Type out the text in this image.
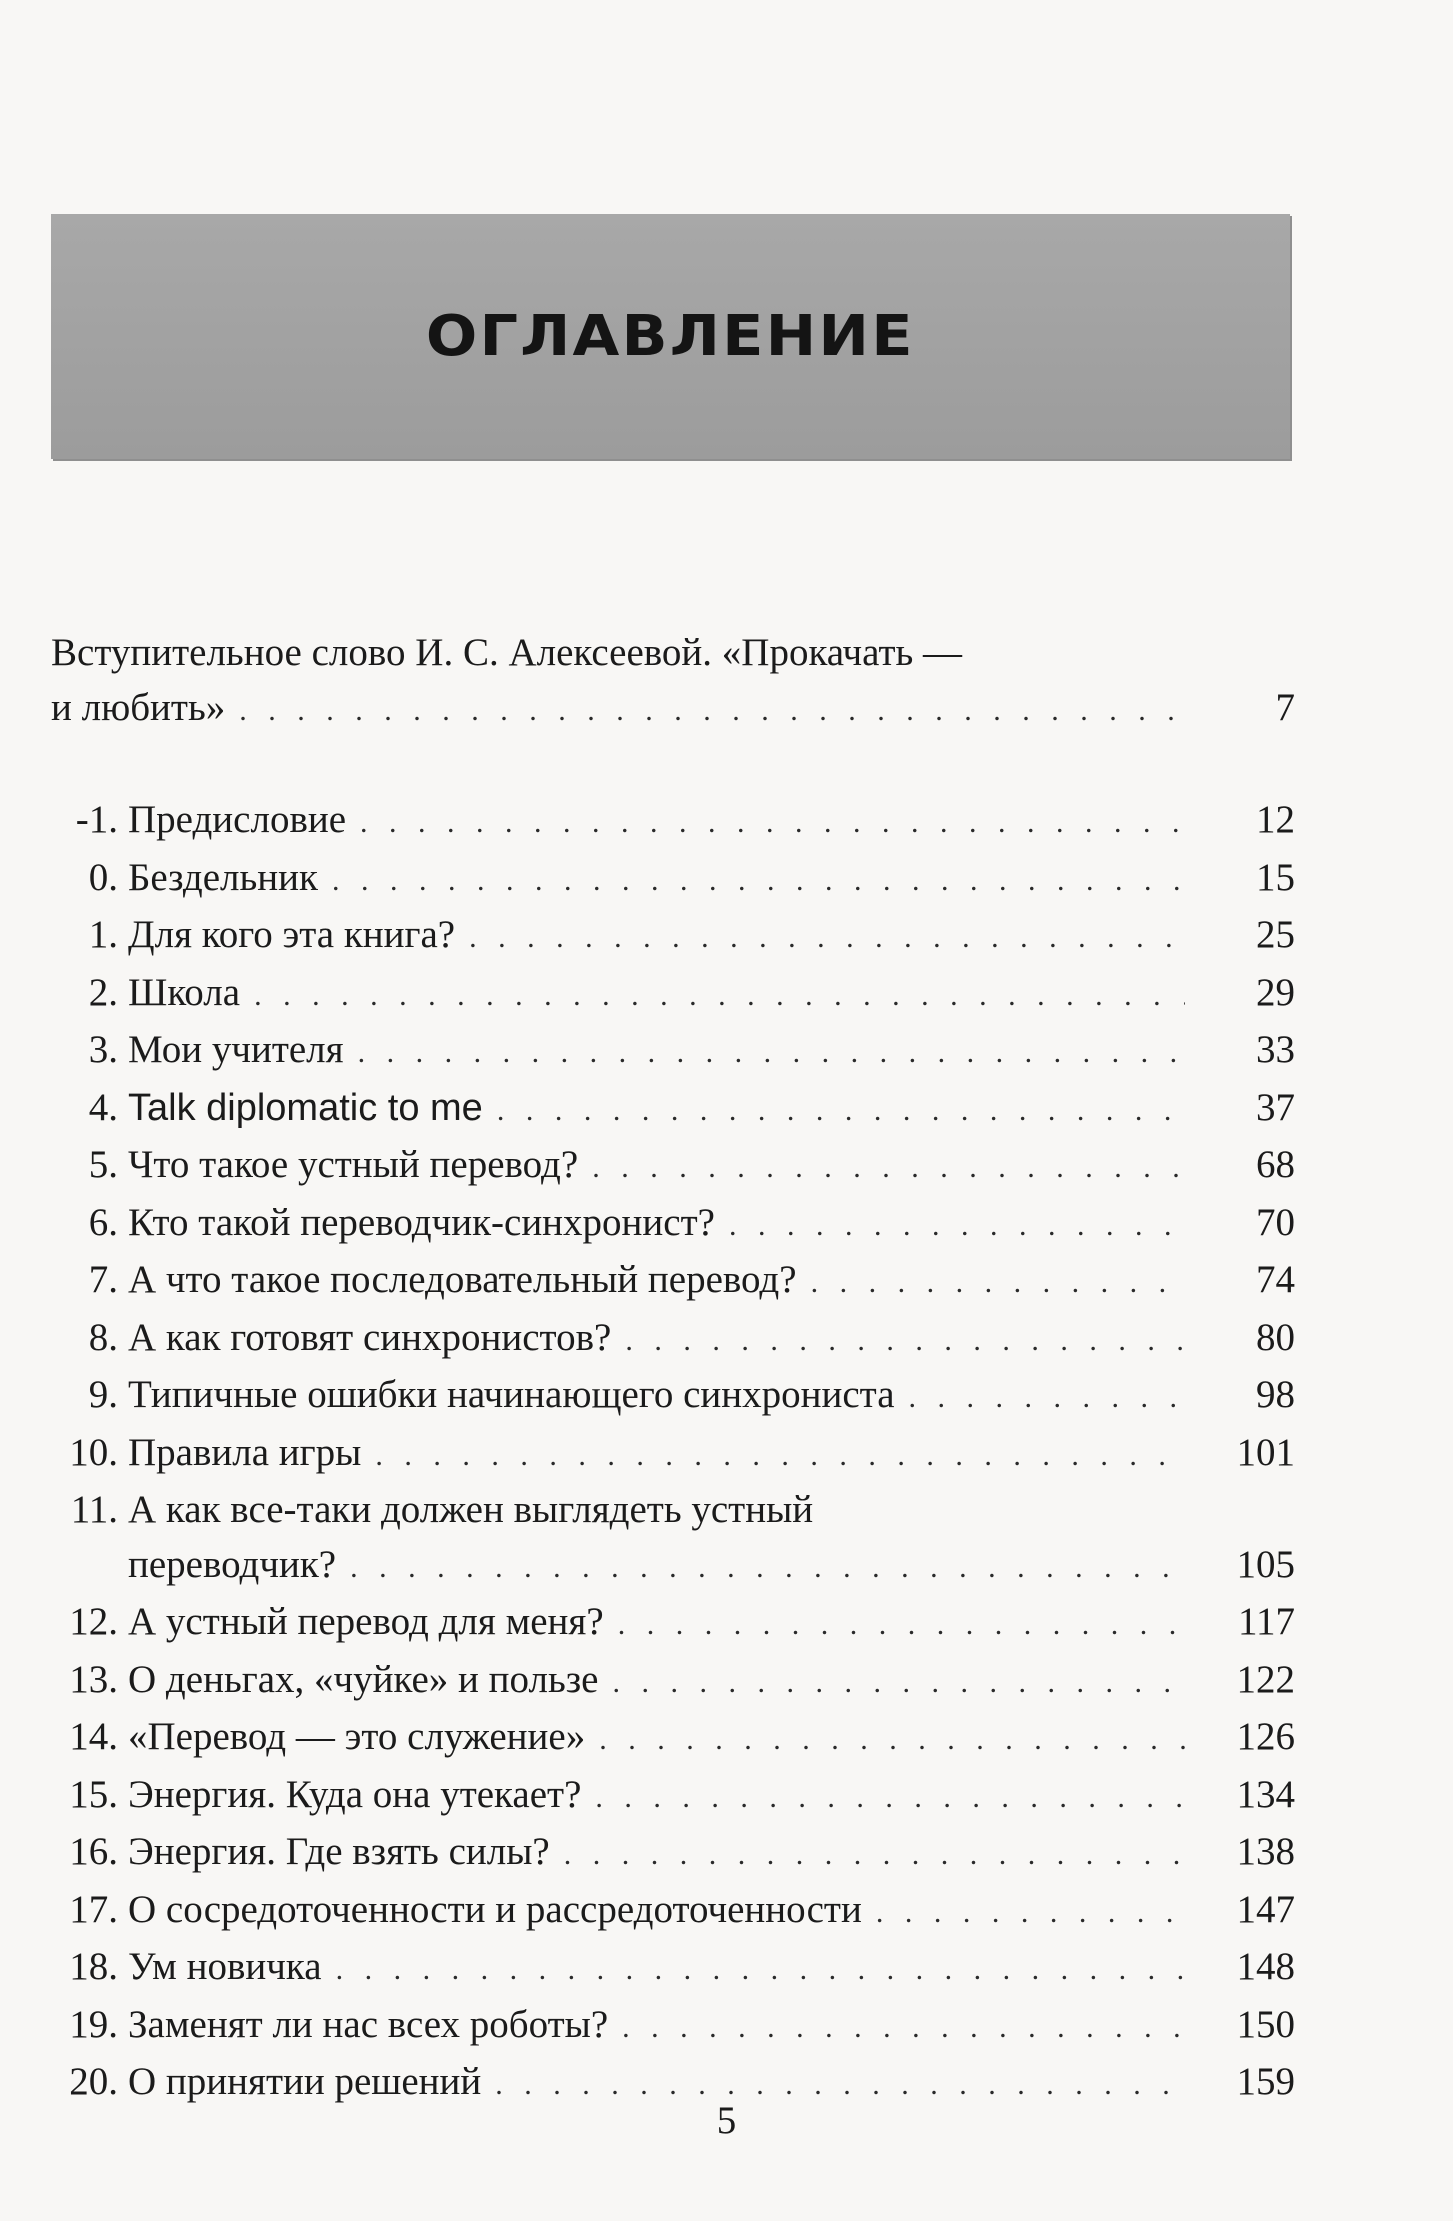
ОГЛАВЛЕНИЕ
Вступительное слово И. С. Алексеевой. «Прокачать —
и любить» . . .	7
-1. Предисловие . . .	12
0. Бездельник . . .	15
1. Для кого эта книга? . . .	25
2. Школа . . .	29
3. Мои учителя . . .	33
4. Talk diplomatic to me . . .	37
5. Что такое устный перевод? . . .	68
6. Кто такой переводчик-синхронист? . . .	70
7. А что такое последовательный перевод? . . .	74
8. А как готовят синхронистов? . . .	80
9. Типичные ошибки начинающего синхрониста . . .	98
10. Правила игры . . .	101
11. А как все-таки должен выглядеть устный
переводчик? . . .	105
12. А устный перевод для меня? . . .	117
13. О деньгах, «чуйке» и пользе . . .	122
14. «Перевод — это служение» . . .	126
15. Энергия. Куда она утекает? . . .	134
16. Энергия. Где взять силы? . . .	138
17. О сосредоточенности и рассредоточенности . . .	147
18. Ум новичка . . .	148
19. Заменят ли нас всех роботы? . . .	150
20. О принятии решений . . .	159
5
